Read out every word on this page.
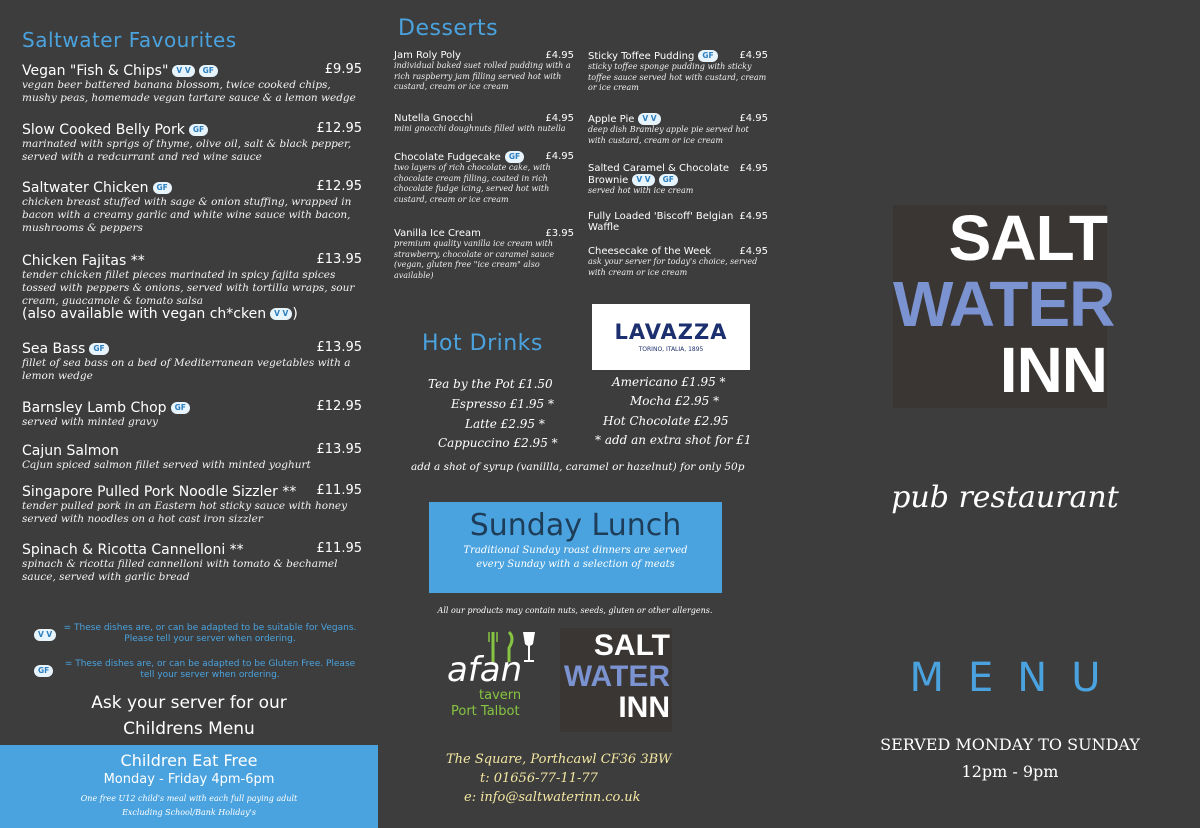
Saltwater Favourites
Vegan "Fish & Chips" V V GF	£9.95
vegan beer battered banana blossom, twice cooked chips, mushy peas, homemade vegan tartare sauce & a lemon wedge
Slow Cooked Belly Pork GF	£12.95
marinated with sprigs of thyme, olive oil, salt & black pepper, served with a redcurrant and red wine sauce
Saltwater Chicken GF	£12.95
chicken breast stuffed with sage & onion stuffing, wrapped in bacon with a creamy garlic and white wine sauce with bacon, mushrooms & peppers
Chicken Fajitas **	£13.95
tender chicken fillet pieces marinated in spicy fajita spices tossed with peppers & onions, served with tortilla wraps, sour cream, guacamole & tomato salsa
Sea Bass GF	£13.95
fillet of sea bass on a bed of Mediterranean vegetables with a lemon wedge
Barnsley Lamb Chop GF	£12.95
served with minted gravy
Cajun Salmon	£13.95
Cajun spiced salmon fillet served with minted yoghurt
Singapore Pulled Pork Noodle Sizzler ** £11.95
tender pulled pork in an Eastern hot sticky sauce with honey served with noodles on a hot cast iron sizzler
Spinach & Ricotta Cannelloni **	£11.95
spinach & ricotta filled cannelloni with tomato & bechamel sauce, served with garlic bread
(also available with vegan ch*cken V V )
V V
= These dishes are, or can be adapted to be suitable for Vegans. Please tell your server when ordering.
GF
= These dishes are, or can be adapted to be Gluten Free. Please tell your server when ordering.
Ask your server for our
Childrens Menu
Children Eat Free
Monday - Friday 4pm-6pm
One free U12 child's meal with each full paying adult
Excluding School/Bank Holiday's
Desserts
Jam Roly Poly	£4.95
individual baked suet rolled pudding with a rich raspberry jam filling served hot with custard, cream or ice cream
Nutella Gnocchi	£4.95
mini gnocchi doughnuts filled with nutella
Chocolate Fudgecake GF	£4.95
two layers of rich chocolate cake, with chocolate cream filling, coated in rich chocolate fudge icing, served hot with custard, cream or ice cream
Vanilla Ice Cream	£3.95
premium quality vanilla ice cream with strawberry, chocolate or caramel sauce (vegan, gluten free "ice cream" also available)
Sticky Toffee Pudding GF	£4.95
sticky toffee sponge pudding with sticky toffee sauce served hot with custard, cream or ice cream
Apple Pie V V	£4.95
deep dish Bramley apple pie served hot with custard, cream or ice cream
Salted Caramel & Chocolate Brownie V V GF
£4.95
served hot with ice cream
Fully Loaded 'Biscoff' Belgian Waffle
£4.95
Cheesecake of the Week	£4.95
ask your server for today's choice, served with cream or ice cream
Hot Drinks	LAVAZZA
TORINO, ITALIA, 1895
Tea by the Pot £1.50
Espresso £1.95 *
Latte £2.95 *
Cappuccino £2.95 *
Americano £1.95 *
Mocha £2.95 *
Hot Chocolate £2.95
* add an extra shot for £1
add a shot of syrup (vanillla, caramel or hazelnut) for only 50p
Sunday Lunch
Traditional Sunday roast dinners are served
every Sunday with a selection of meats
All our products may contain nuts, seeds, gluten or other allergens.
afan
tavern
Port Talbot
SALT
WATER
INN
The Square, Porthcawl CF36 3BW
t: 01656-77-11-77
e: info@saltwaterinn.co.uk
SALT
WATER
INN
pub restaurant
MENU
SERVED MONDAY TO SUNDAY
12pm - 9pm
